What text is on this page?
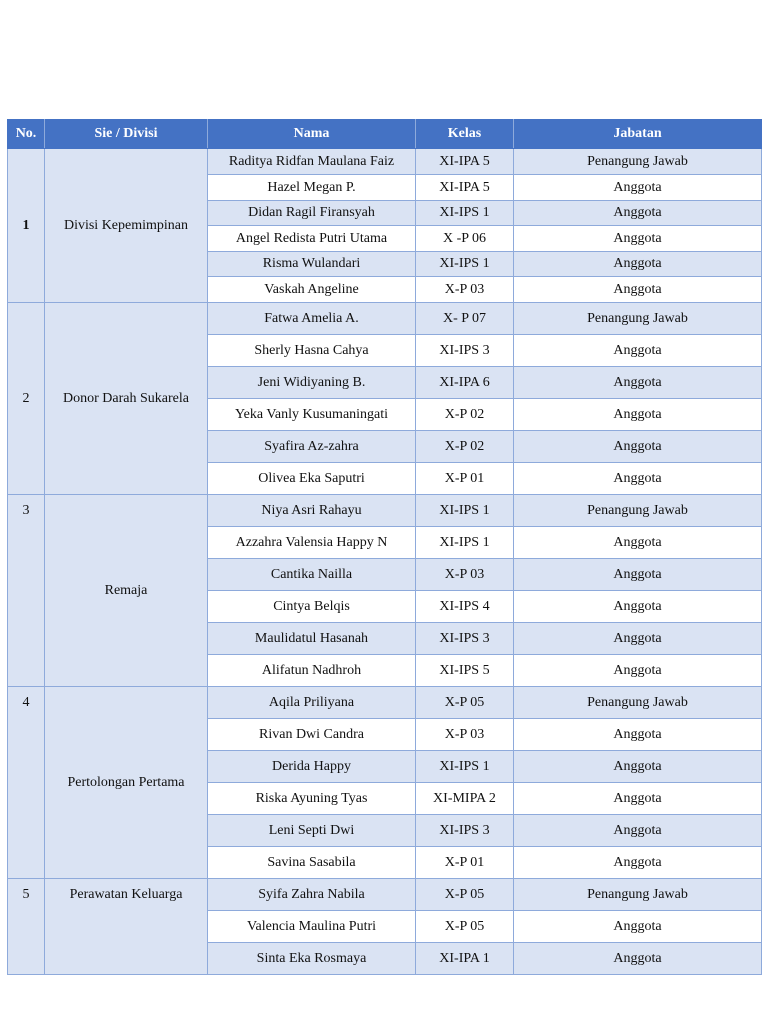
No.	Sie / Divisi	Nama	Kelas	Jabatan
1	Divisi Kepemimpinan	Raditya Ridfan Maulana Faiz	XI-IPA 5	Penangung Jawab
		Hazel Megan P.	XI-IPA 5	Anggota
		Didan Ragil Firansyah	XI-IPS 1	Anggota
		Angel Redista Putri Utama	X -P 06	Anggota
		Risma Wulandari	XI-IPS 1	Anggota
		Vaskah Angeline	X-P 03	Anggota
2	Donor Darah Sukarela	Fatwa Amelia A.	X- P 07	Penangung Jawab
		Sherly Hasna Cahya	XI-IPS 3	Anggota
		Jeni Widiyaning B.	XI-IPA 6	Anggota
		Yeka Vanly Kusumaningati	X-P 02	Anggota
		Syafira Az-zahra	X-P 02	Anggota
		Olivea Eka Saputri	X-P 01	Anggota
3	Remaja	Niya Asri Rahayu	XI-IPS 1	Penangung Jawab
		Azzahra Valensia Happy N	XI-IPS 1	Anggota
		Cantika Nailla	X-P 03	Anggota
		Cintya Belqis	XI-IPS 4	Anggota
		Maulidatul Hasanah	XI-IPS 3	Anggota
		Alifatun Nadhroh	XI-IPS 5	Anggota
4	Pertolongan Pertama	Aqila Priliyana	X-P 05	Penangung Jawab
		Rivan Dwi Candra	X-P 03	Anggota
		Derida Happy	XI-IPS 1	Anggota
		Riska Ayuning Tyas	XI-MIPA 2	Anggota
		Leni Septi Dwi	XI-IPS 3	Anggota
		Savina Sasabila	X-P 01	Anggota
5	Perawatan Keluarga	Syifa Zahra Nabila	X-P 05	Penangung Jawab
		Valencia Maulina Putri	X-P 05	Anggota
		Sinta Eka Rosmaya	XI-IPA 1	Anggota
